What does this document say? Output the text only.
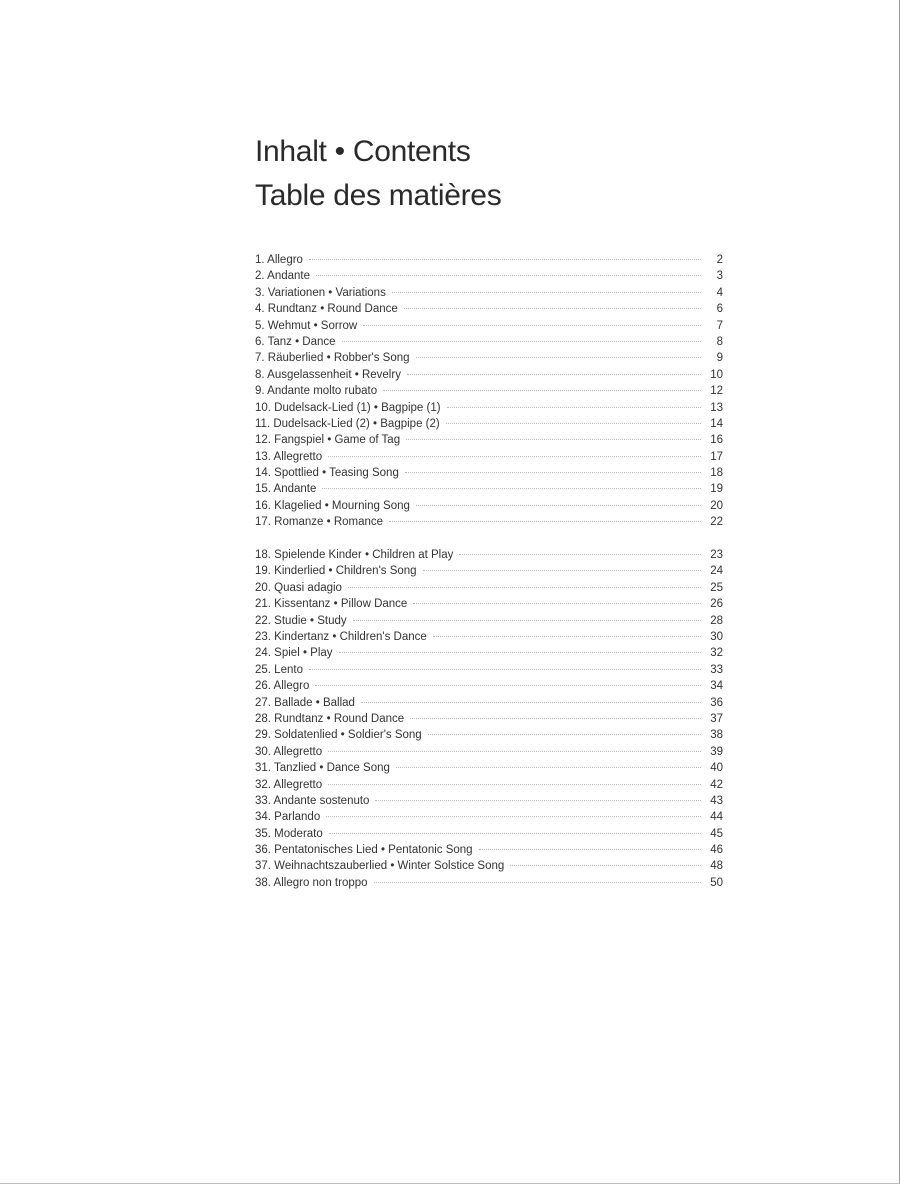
Inhalt • Contents
Table des matières
1. Allegro	2
2. Andante	3
3. Variationen • Variations	4
4. Rundtanz • Round Dance	6
5. Wehmut • Sorrow	7
6. Tanz • Dance	8
7. Räuberlied • Robber's Song	9
8. Ausgelassenheit • Revelry	10
9. Andante molto rubato	12
10. Dudelsack-Lied (1) • Bagpipe (1)	13
11. Dudelsack-Lied (2) • Bagpipe (2)	14
12. Fangspiel • Game of Tag	16
13. Allegretto	17
14. Spottlied • Teasing Song	18
15. Andante	19
16. Klagelied • Mourning Song	20
17. Romanze • Romance	22
18. Spielende Kinder • Children at Play	23
19. Kinderlied • Children's Song	24
20. Quasi adagio	25
21. Kissentanz • Pillow Dance	26
22. Studie • Study	28
23. Kindertanz • Children's Dance	30
24. Spiel • Play	32
25. Lento	33
26. Allegro	34
27. Ballade • Ballad	36
28. Rundtanz • Round Dance	37
29. Soldatenlied • Soldier's Song	38
30. Allegretto	39
31. Tanzlied • Dance Song	40
32. Allegretto	42
33. Andante sostenuto	43
34. Parlando	44
35. Moderato	45
36. Pentatonisches Lied • Pentatonic Song	46
37. Weihnachtszauberlied • Winter Solstice Song	48
38. Allegro non troppo	50
